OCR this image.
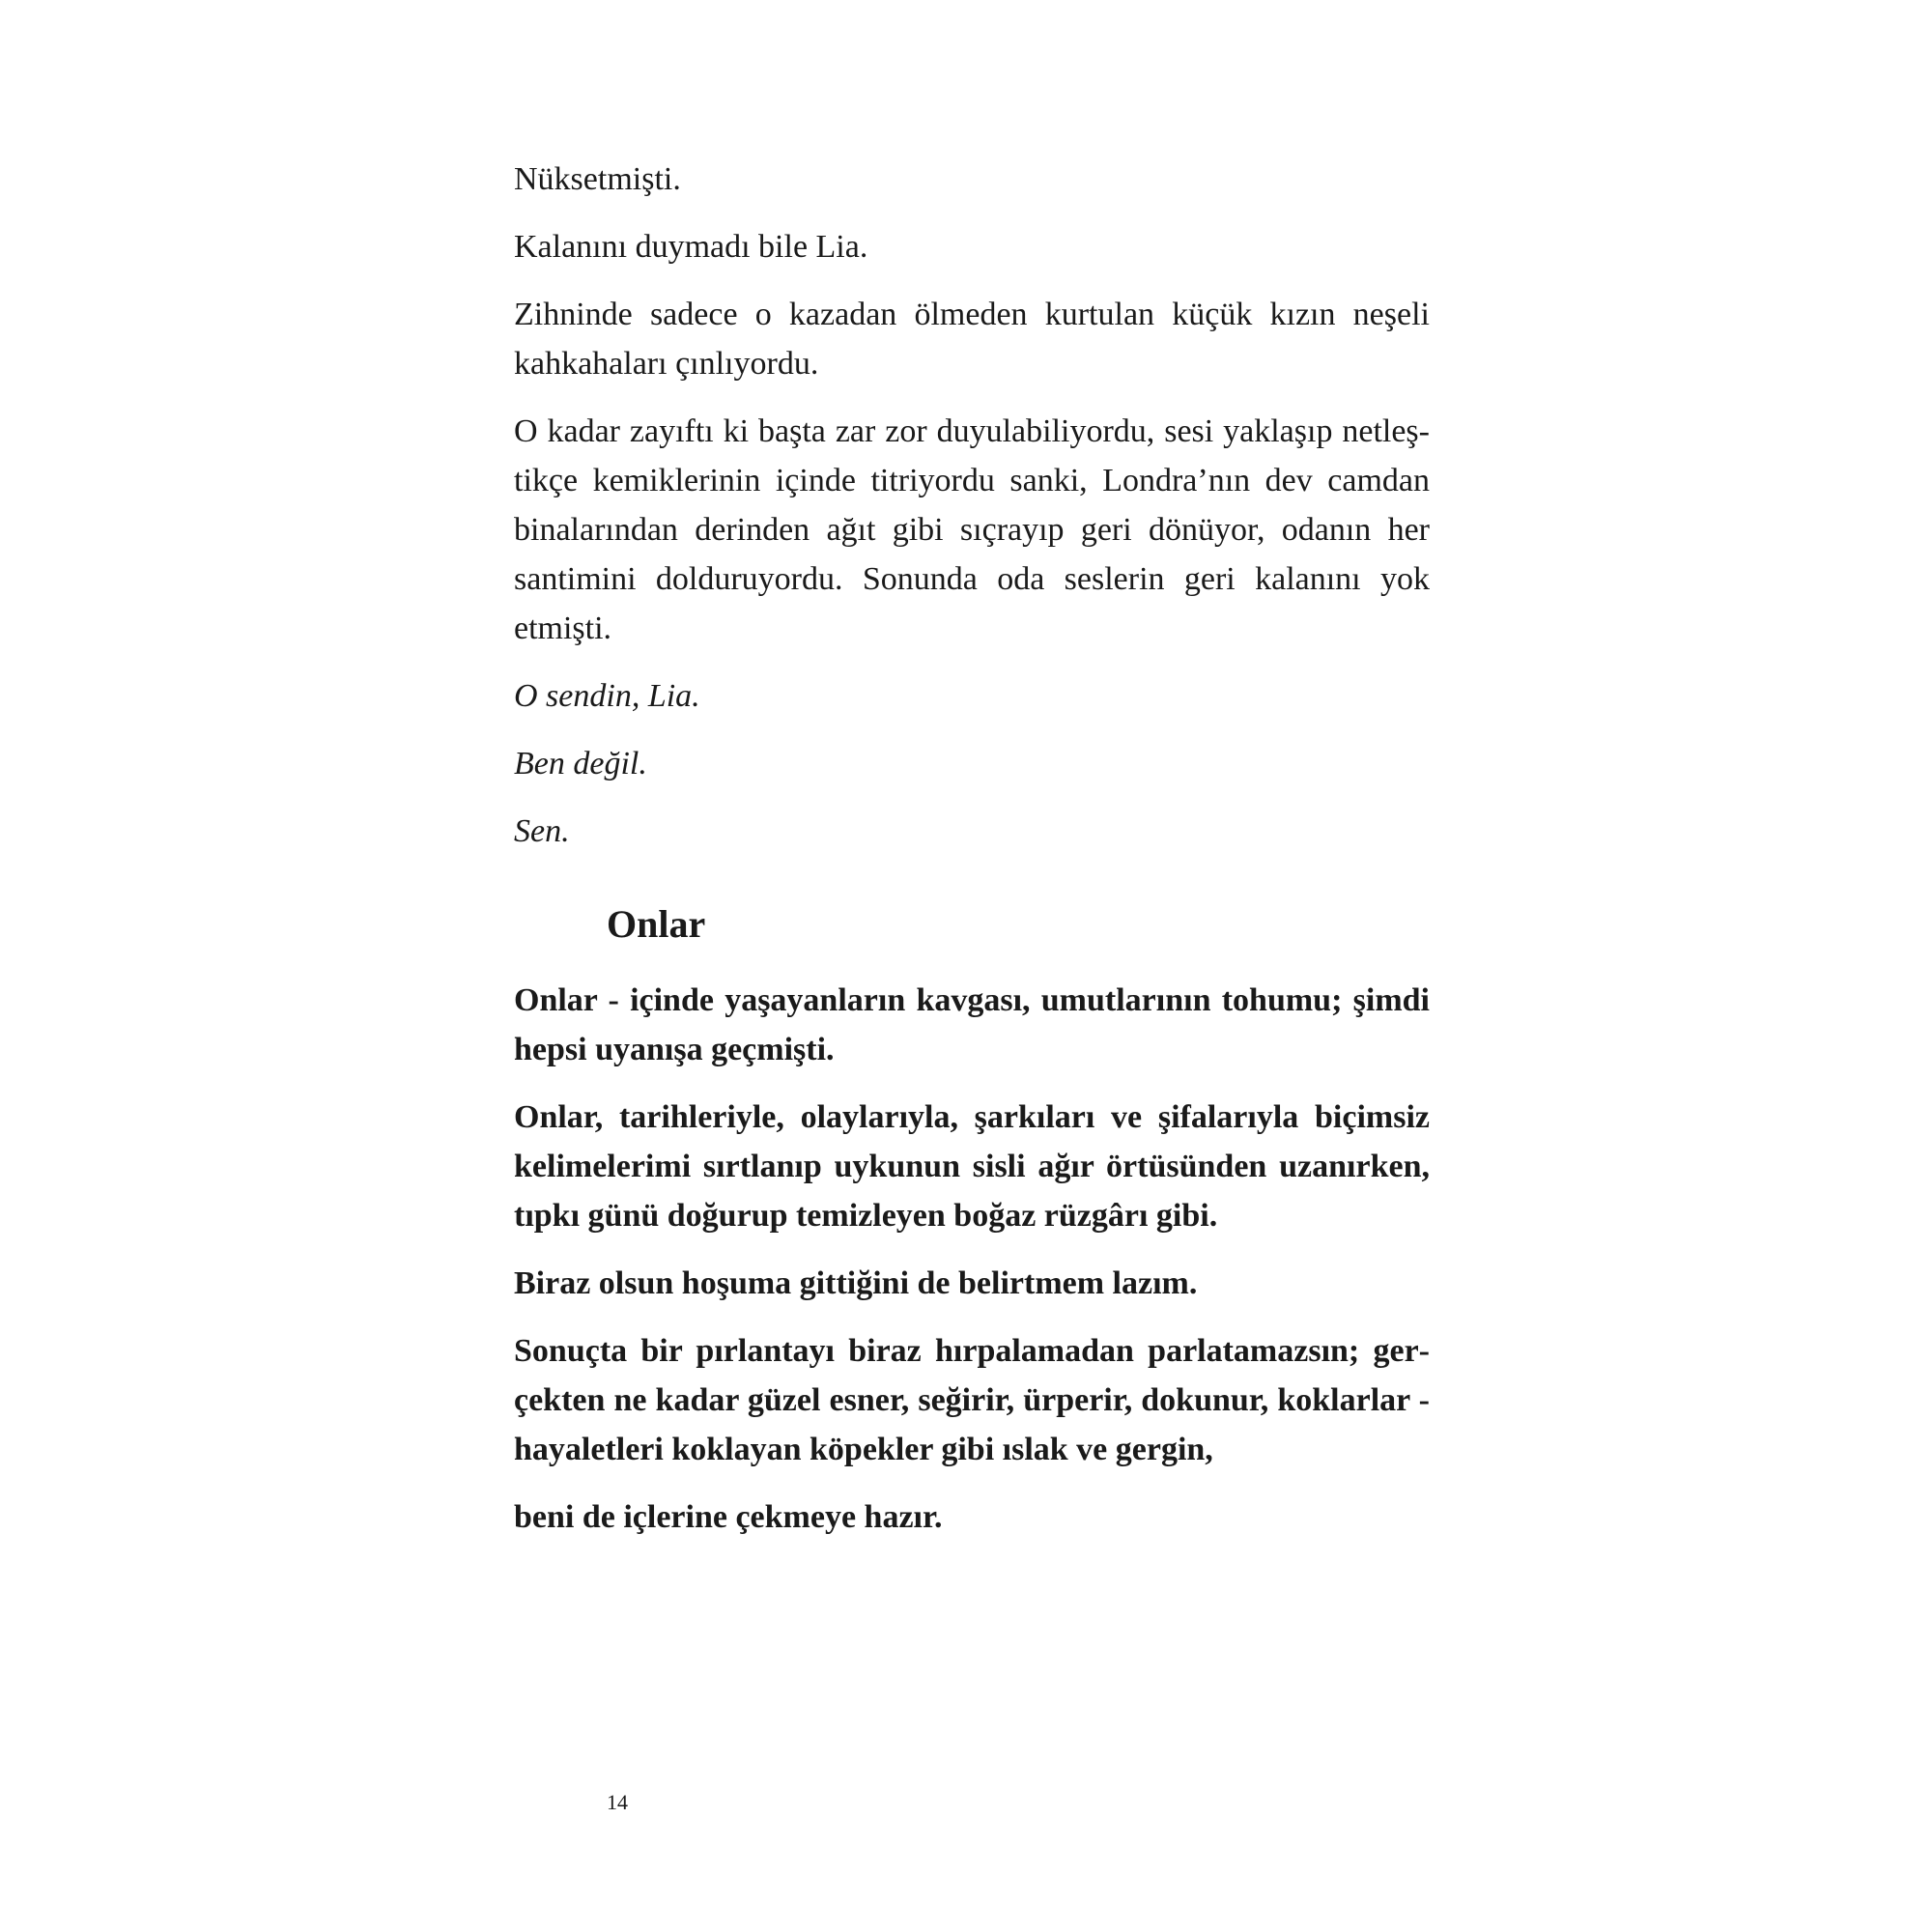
Nüksetmişti.

Kalanını duymadı bile Lia.

Zihninde sadece o kazadan ölmeden kurtulan küçük kızın neşeli kahkahaları çınlıyordu.

O kadar zayıftı ki başta zar zor duyulabiliyordu, sesi yaklaşıp netleştikçe kemiklerinin içinde titriyordu sanki, Londra’nın dev camdan binalarından derinden ağıt gibi sıçrayıp geri dönüyor, odanın her santimini dolduruyordu. Sonunda oda seslerin geri kalanını yok etmişti.

O sendin, Lia.

Ben değil.

Sen.

Onlar

Onlar - içinde yaşayanların kavgası, umutlarının tohumu; şimdi hepsi uyanışa geçmişti.

Onlar, tarihleriyle, olaylarıyla, şarkıları ve şifalarıyla biçimsiz kelimelerimi sırtlanıp uykunun sisli ağır örtüsünden uzanırken, tıpkı günü doğurup temizleyen boğaz rüzgârı gibi.

Biraz olsun hoşuma gittiğini de belirtmem lazım.

Sonuçta bir pırlantayı biraz hırpalamadan parlatamazsın; gerçekten ne kadar güzel esner, seğirir, ürperir, dokunur, koklarlar - hayaletleri koklayan köpekler gibi ıslak ve gergin,

beni de içlerine çekmeye hazır.

14
